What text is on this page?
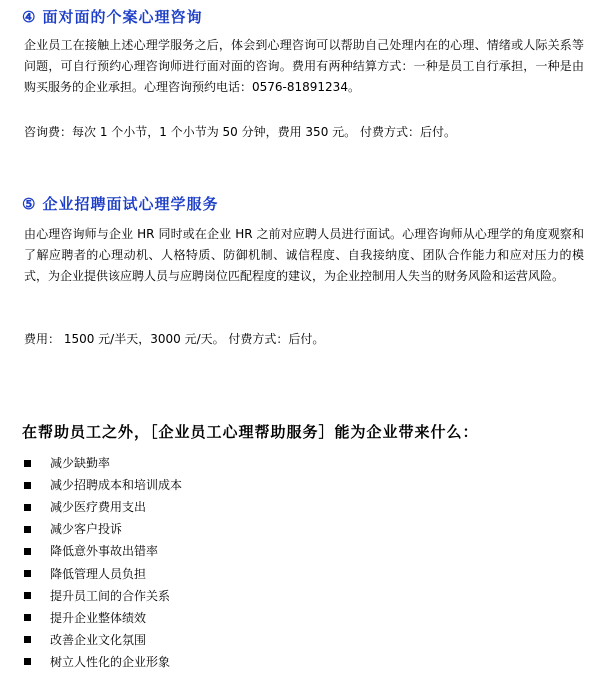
④ 面对面的个案心理咨询
企业员工在接触上述心理学服务之后，体会到心理咨询可以帮助自己处理内在的心理、情绪或人际关系等问题，可自行预约心理咨询师进行面对面的咨询。费用有两种结算方式：一种是员工自行承担，一种是由购买服务的企业承担。心理咨询预约电话：0576-81891234。
咨询费：每次 1 个小节，1 个小节为 50 分钟，费用 350 元。 付费方式：后付。
⑤ 企业招聘面试心理学服务
由心理咨询师与企业 HR 同时或在企业 HR 之前对应聘人员进行面试。心理咨询师从心理学的角度观察和了解应聘者的心理动机、人格特质、防御机制、诚信程度、自我接纳度、团队合作能力和应对压力的模式，为企业提供该应聘人员与应聘岗位匹配程度的建议，为企业控制用人失当的财务风险和运营风险。
费用： 1500 元/半天，3000 元/天。 付费方式：后付。
在帮助员工之外，［企业员工心理帮助服务］能为企业带来什么：
减少缺勤率
减少招聘成本和培训成本
减少医疗费用支出
减少客户投诉
降低意外事故出错率
降低管理人员负担
提升员工间的合作关系
提升企业整体绩效
改善企业文化氛围
树立人性化的企业形象
